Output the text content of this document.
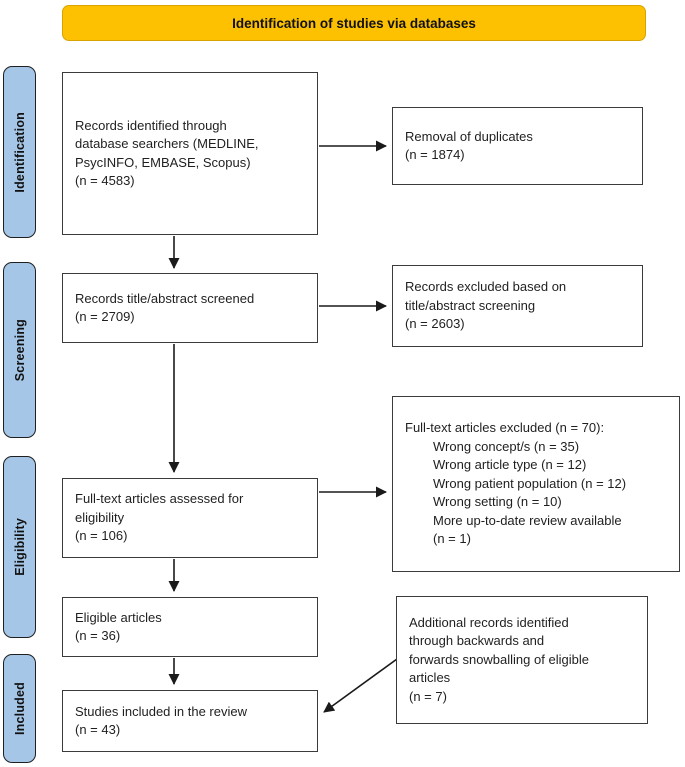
Identification of studies via databases
Identification
Screening
Eligibility
Included
Records identified through
database searchers (MEDLINE,
PsycINFO, EMBASE, Scopus)
(n = 4583)
Removal of duplicates
(n = 1874)
Records title/abstract screened
(n = 2709)
Records excluded based on
title/abstract screening
(n = 2603)
Full-text articles assessed for
eligibility
(n = 106)
Full-text articles excluded (n = 70):
Wrong concept/s (n = 35)
Wrong article type (n = 12)
Wrong patient population (n = 12)
Wrong setting (n = 10)
More up-to-date review available
(n = 1)
Eligible articles
(n = 36)
Additional records identified
through backwards and
forwards snowballing of eligible
articles
(n = 7)
Studies included in the review
(n = 43)
